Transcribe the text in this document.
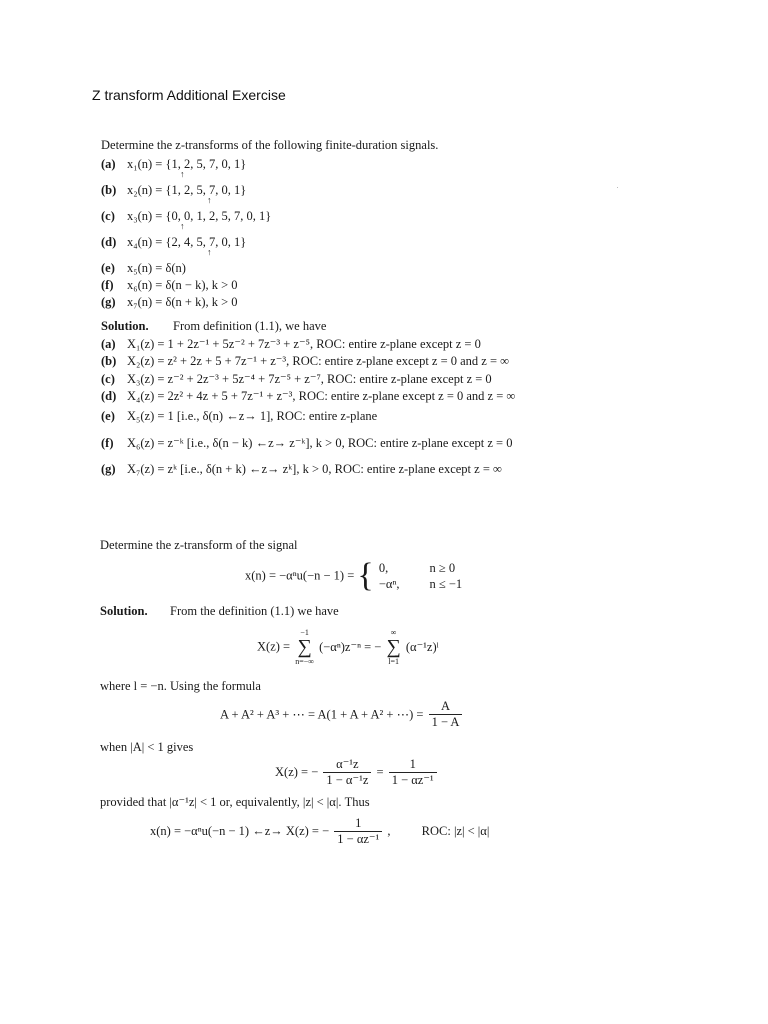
Z transform Additional Exercise
Determine the z-transforms of the following finite-duration signals.
(a) x₁(n) = {1, 2, 5, 7, 0, 1}
↑
(b) x₂(n) = {1, 2, 5, 7, 0, 1}
↑
(c) x₃(n) = {0, 0, 1, 2, 5, 7, 0, 1}
↑
(d) x₄(n) = {2, 4, 5, 7, 0, 1}
↑
(e) x₅(n) = δ(n)
(f) x₆(n) = δ(n − k), k > 0
(g) x₇(n) = δ(n + k), k > 0
Solution. From definition (1.1), we have
(a) X₁(z) = 1 + 2z⁻¹ + 5z⁻² + 7z⁻³ + z⁻⁵, ROC: entire z-plane except z = 0
(b) X₂(z) = z² + 2z + 5 + 7z⁻¹ + z⁻³, ROC: entire z-plane except z = 0 and z = ∞
(c) X₃(z) = z⁻² + 2z⁻³ + 5z⁻⁴ + 7z⁻⁵ + z⁻⁷, ROC: entire z-plane except z = 0
(d) X₄(z) = 2z² + 4z + 5 + 7z⁻¹ + z⁻³, ROC: entire z-plane except z = 0 and z = ∞
(e) X₅(z) = 1 [i.e., δ(n) ←z→ 1], ROC: entire z-plane
(f) X₆(z) = z⁻ᵏ [i.e., δ(n − k) ←z→ z⁻ᵏ], k > 0, ROC: entire z-plane except z = 0
(g) X₇(z) = zᵏ [i.e., δ(n + k) ←z→ zᵏ], k > 0, ROC: entire z-plane except z = ∞
Determine the z-transform of the signal
x(n) = −αⁿu(−n − 1) = { 0,	n ≥ 0
−αⁿ,	n ≤ −1
Solution. From the definition (1.1) we have
X(z) =
−1
∑
n=−∞
(−αⁿ)z⁻ⁿ = −
∞
∑
l=1
(α⁻¹z)ˡ
where l = −n. Using the formula
A + A² + A³ + ⋯ = A(1 + A + A² + ⋯) = $\frac{A}{1 - A}$
when |A| < 1 gives
X(z) = − $\frac{\text{α⁻¹z}}{\text{1 − α⁻¹z}} = \frac{1}{\text{1 − αz⁻¹}}$
provided that |α⁻¹z| < 1 or, equivalently, |z| < |α|. Thus
x(n) = −αⁿu(−n − 1) ←z→ X(z) = − $\frac{1}{\text{1 − αz⁻¹}}$ , ROC: |z| < |α|
